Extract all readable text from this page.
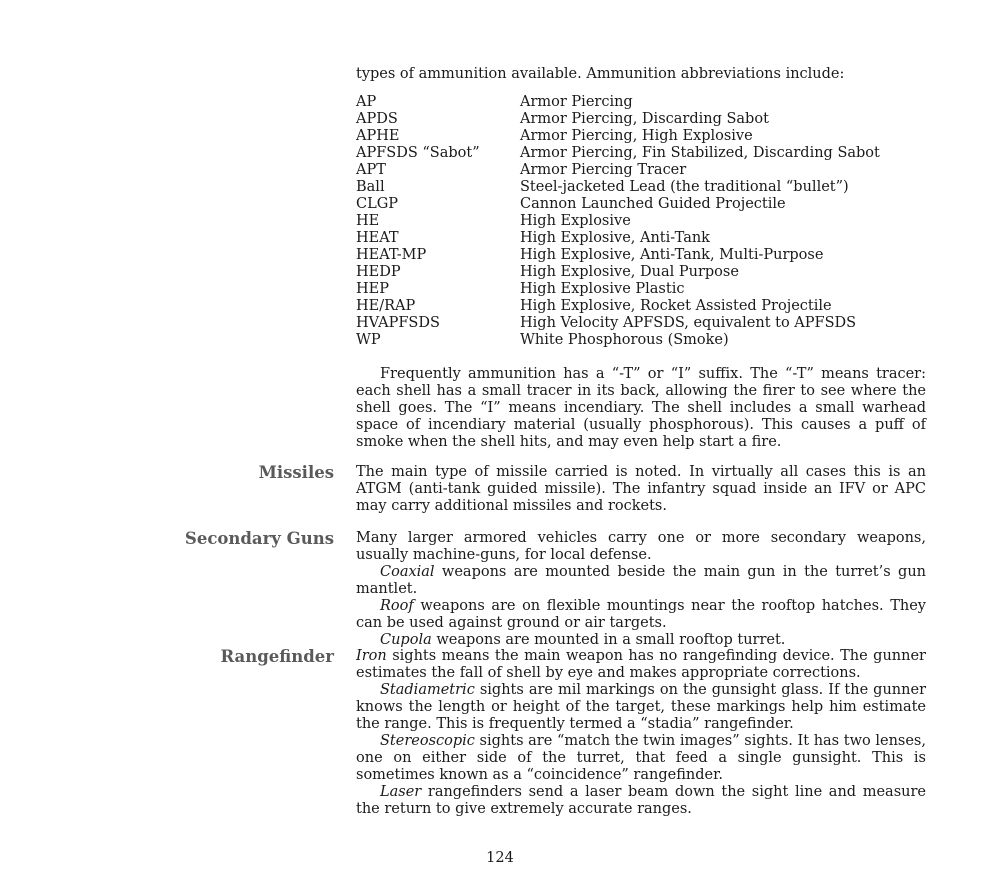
types of ammunition available. Ammunition abbreviations include:
AP	Armor Piercing
APDS	Armor Piercing, Discarding Sabot
APHE	Armor Piercing, High Explosive
APFSDS “Sabot”	Armor Piercing, Fin Stabilized, Discarding Sabot
APT	Armor Piercing Tracer
Ball	Steel-jacketed Lead (the traditional “bullet”)
CLGP	Cannon Launched Guided Projectile
HE	High Explosive
HEAT	High Explosive, Anti-Tank
HEAT-MP	High Explosive, Anti-Tank, Multi-Purpose
HEDP	High Explosive, Dual Purpose
HEP	High Explosive Plastic
HE/RAP	High Explosive, Rocket Assisted Projectile
HVAPFSDS	High Velocity APFSDS, equivalent to APFSDS
WP	White Phosphorous (Smoke)

Frequently ammunition has a “-T” or “I” suffix. The “-T” means tracer: each shell has a small tracer in its back, allowing the firer to see where the shell goes. The “I” means incendiary. The shell includes a small warhead space of incendiary material (usually phosphorous). This causes a puff of smoke when the shell hits, and may even help start a fire.

Missiles The main type of missile carried is noted. In virtually all cases this is an ATGM (anti-tank guided missile). The infantry squad inside an IFV or APC may carry additional missiles and rockets.

Secondary Guns Many larger armored vehicles carry one or more secondary weapons, usually machine-guns, for local defense.

Coaxial weapons are mounted beside the main gun in the turret’s gun mantlet.

Roof weapons are on flexible mountings near the rooftop hatches. They can be used against ground or air targets.

Cupola weapons are mounted in a small rooftop turret.

Rangefinder Iron sights means the main weapon has no rangefinding device. The gunner estimates the fall of shell by eye and makes appropriate corrections.

Stadiametric sights are mil markings on the gunsight glass. If the gunner knows the length or height of the target, these markings help him estimate the range. This is frequently termed a “stadia” rangefinder.

Stereoscopic sights are “match the twin images” sights. It has two lenses, one on either side of the turret, that feed a single gunsight. This is sometimes known as a “coincidence” rangefinder.

Laser rangefinders send a laser beam down the sight line and measure the return to give extremely accurate ranges.

124
